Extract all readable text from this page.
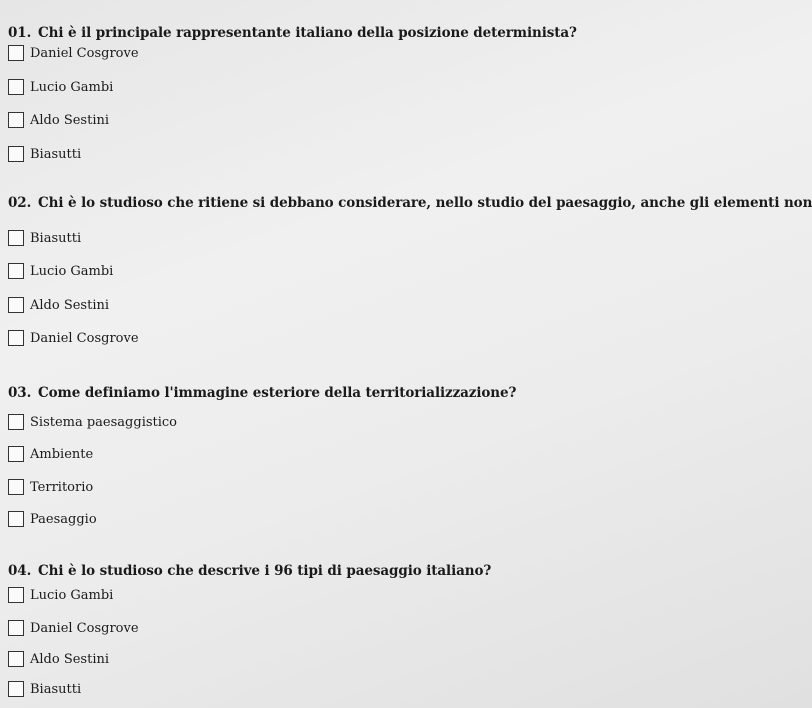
01. Chi è il principale rappresentante italiano della posizione determinista?
Daniel Cosgrove
Lucio Gambi
Aldo Sestini
Biasutti
02. Chi è lo studioso che ritiene si debbano considerare, nello studio del paesaggio, anche gli elementi non
Biasutti
Lucio Gambi
Aldo Sestini
Daniel Cosgrove
03. Come definiamo l'immagine esteriore della territorializzazione?
Sistema paesaggistico
Ambiente
Territorio
Paesaggio
04. Chi è lo studioso che descrive i 96 tipi di paesaggio italiano?
Lucio Gambi
Daniel Cosgrove
Aldo Sestini
Biasutti
